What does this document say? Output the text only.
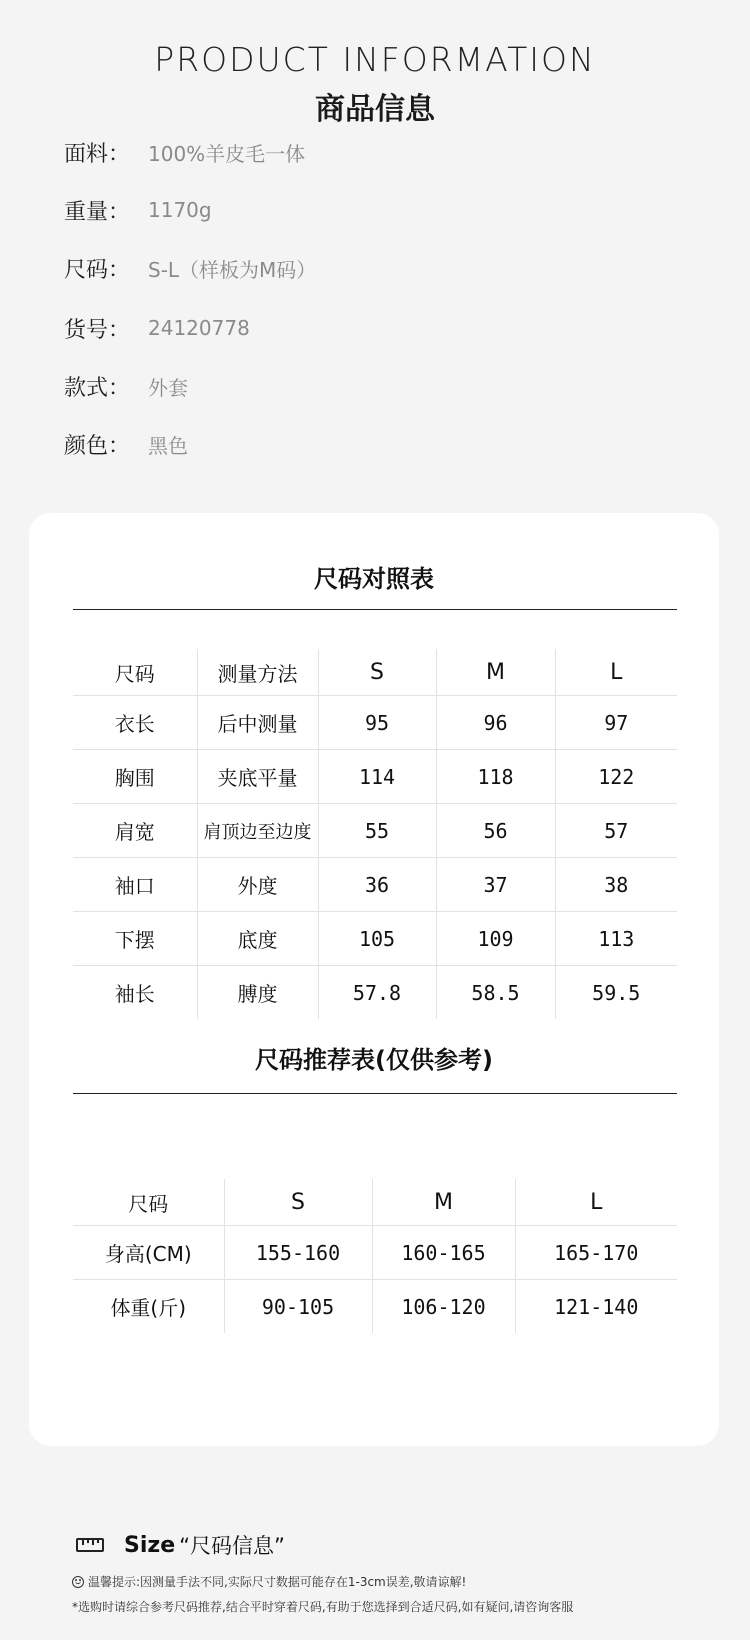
PRODUCT INFORMATION
商品信息
面料： 100%羊皮毛一体
重量： 1170g
尺码： S-L（样板为M码）
货号： 24120778
款式： 外套
颜色： 黑色
尺码对照表
尺码	测量方法	S	M	L
衣长	后中测量	95	96	97
胸围	夹底平量	114	118	122
肩宽	肩顶边至边度	55	56	57
袖口	外度	36	37	38
下摆	底度	105	109	113
袖长	膊度	57.8	58.5	59.5
尺码推荐表(仅供参考)
尺码	S	M	L
身高(CM)	155-160	160-165	165-170
体重(斤)	90-105	106-120	121-140
Size “尺码信息”
温馨提示:因测量手法不同,实际尺寸数据可能存在1-3cm误差,敬请谅解!
*选购时请综合参考尺码推荐,结合平时穿着尺码,有助于您选择到合适尺码,如有疑问,请咨询客服
